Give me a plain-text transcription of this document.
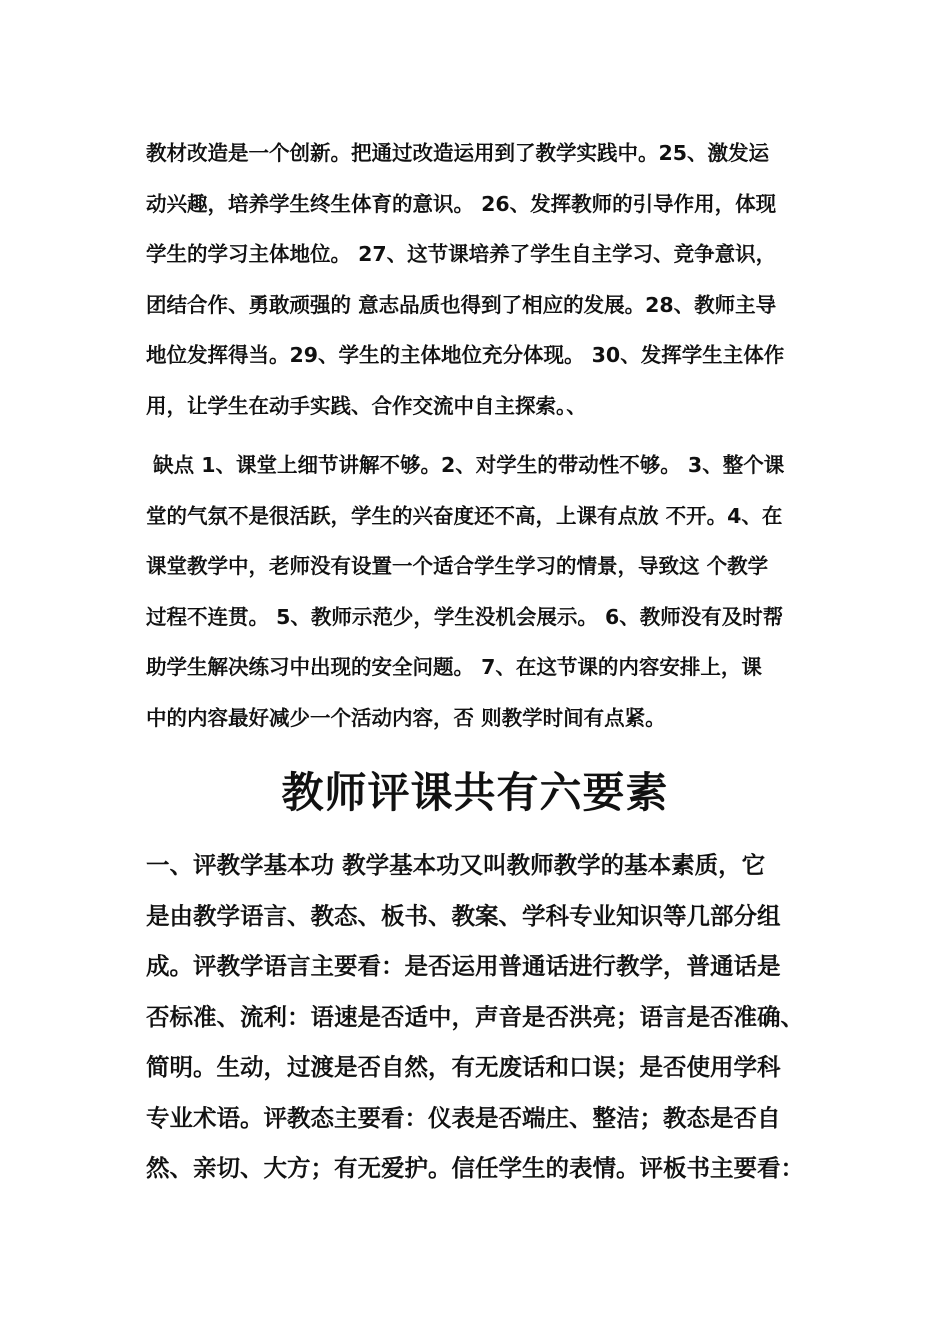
教材改造是一个创新。把通过改造运用到了教学实践中。25、激发运
动兴趣，培养学生终生体育的意识。 26、发挥教师的引导作用，体现
学生的学习主体地位。 27、这节课培养了学生自主学习、竞争意识，
团结合作、勇敢顽强的 意志品质也得到了相应的发展。28、教师主导
地位发挥得当。29、学生的主体地位充分体现。 30、发挥学生主体作
用，让学生在动手实践、合作交流中自主探索。、
缺点 1、课堂上细节讲解不够。2、对学生的带动性不够。 3、整个课
堂的气氛不是很活跃，学生的兴奋度还不高，上课有点放 不开。4、在
课堂教学中，老师没有设置一个适合学生学习的情景，导致这 个教学
过程不连贯。 5、教师示范少，学生没机会展示。 6、教师没有及时帮
助学生解决练习中出现的安全问题。 7、在这节课的内容安排上，课
中的内容最好减少一个活动内容，否 则教学时间有点紧。
教师评课共有六要素
一、评教学基本功 教学基本功又叫教师教学的基本素质，它
是由教学语言、教态、板书、教案、学科专业知识等几部分组
成。评教学语言主要看：是否运用普通话进行教学，普通话是
否标准、流利：语速是否适中，声音是否洪亮；语言是否准确、
简明。生动，过渡是否自然，有无废话和口误；是否使用学科
专业术语。评教态主要看：仪表是否端庄、整洁；教态是否自
然、亲切、大方；有无爱护。信任学生的表情。评板书主要看：
